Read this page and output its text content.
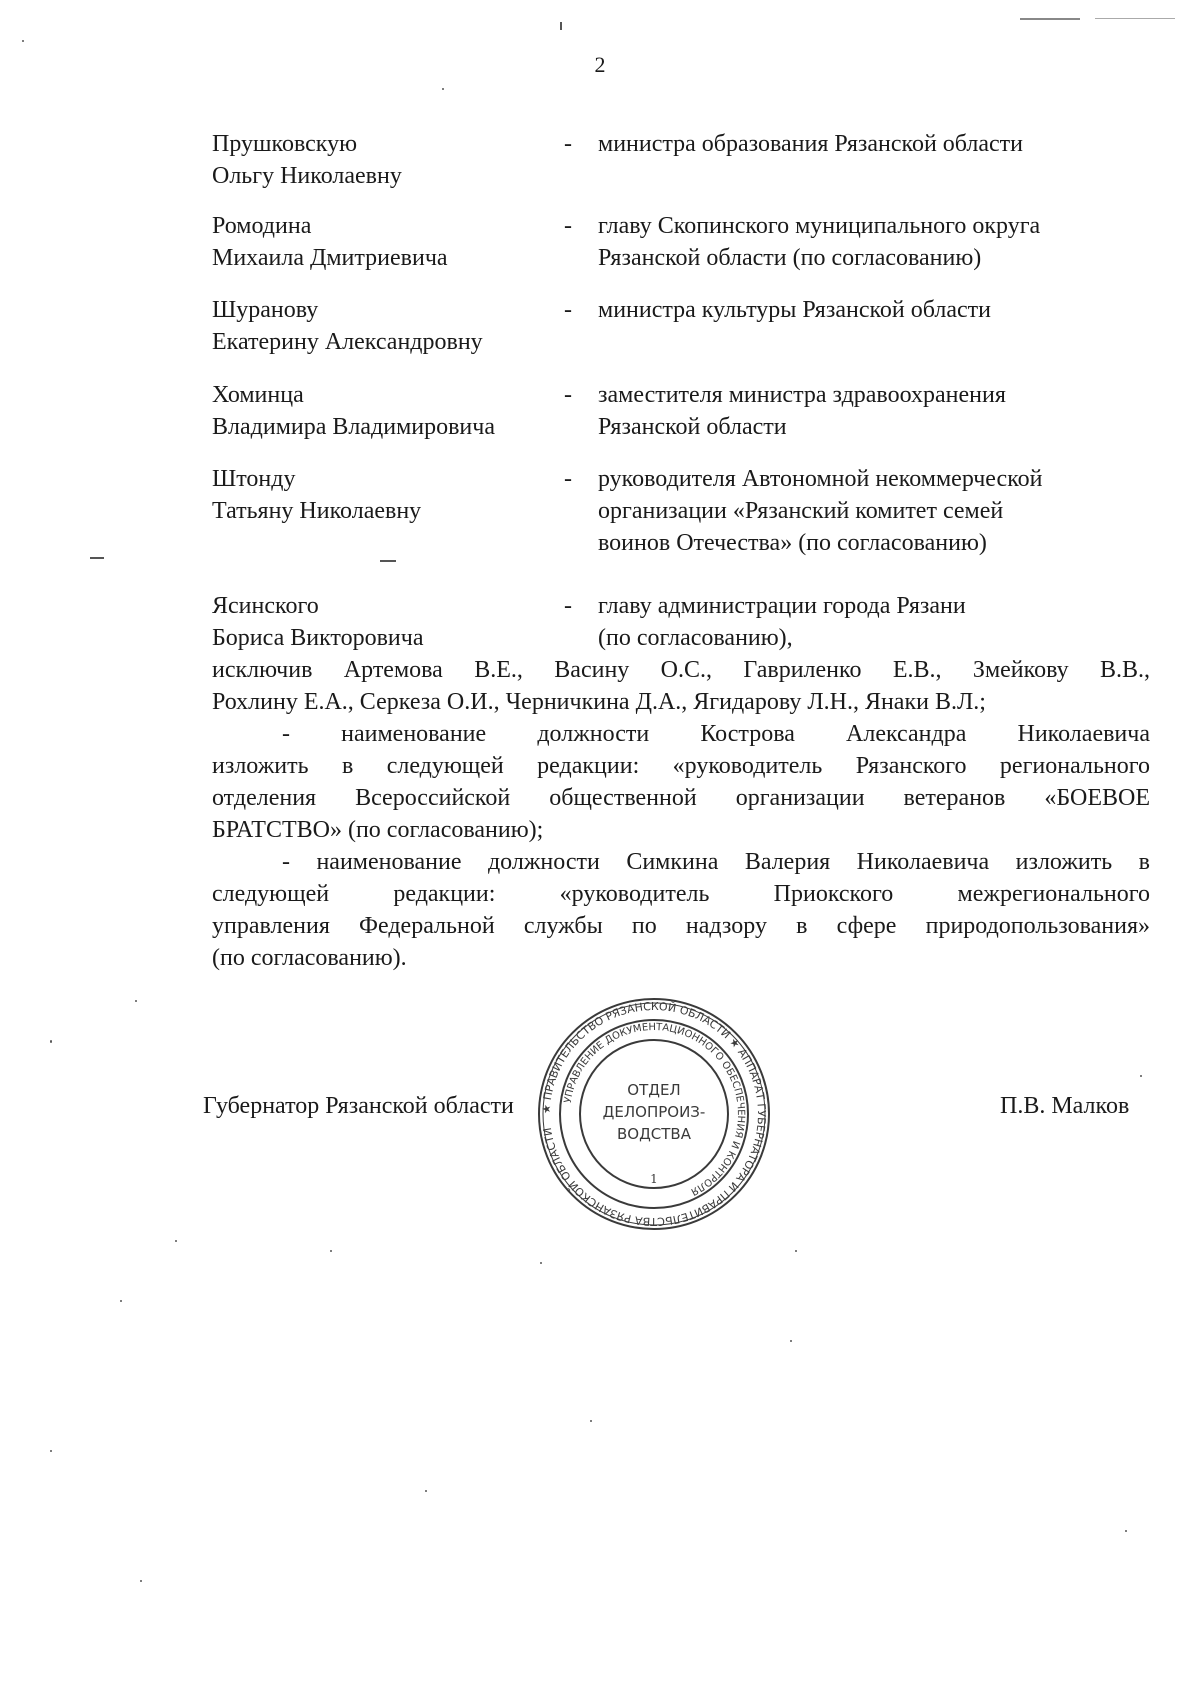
2
Прушковскую
Ольгу Николаевну
- министра образования Рязанской области
Ромодина
Михаила Дмитриевича
- главу Скопинского муниципального округа
Рязанской области (по согласованию)
Шуранову
Екатерину Александровну
- министра культуры Рязанской области
Хоминца
Владимира Владимировича
- заместителя министра здравоохранения
Рязанской области
Штонду
Татьяну Николаевну
- руководителя Автономной некоммерческой
организации «Рязанский комитет семей
воинов Отечества» (по согласованию)
Ясинского
Бориса Викторовича
- главу администрации города Рязани
(по согласованию),
исключив Артемова В.Е., Васину О.С., Гавриленко Е.В., Змейкову В.В.,
Рохлину Е.А., Серкеза О.И., Черничкина Д.А., Ягидарову Л.Н., Янаки В.Л.;
- наименование должности Кострова Александра Николаевича
изложить в следующей редакции: «руководитель Рязанского регионального
отделения Всероссийской общественной организации ветеранов «БОЕВОЕ
БРАТСТВО» (по согласованию);
- наименование должности Симкина Валерия Николаевича изложить в
следующей редакции: «руководитель Приокского межрегионального
управления Федеральной службы по надзору в сфере природопользования»
(по согласованию).
Губернатор Рязанской области	П.В. Малков
★ ПРАВИТЕЛЬСТВО РЯЗАНСКОЙ ОБЛАСТИ ★ АППАРАТ ГУБЕРНАТОРА И ПРАВИТЕЛЬСТВА РЯЗАНСКОЙ ОБЛАСТИ
УПРАВЛЕНИЕ ДОКУМЕНТАЦИОННОГО ОБЕСПЕЧЕНИЯ И КОНТРОЛЯ
ОТДЕЛ
ДЕЛОПРОИЗ-
ВОДСТВА
1
